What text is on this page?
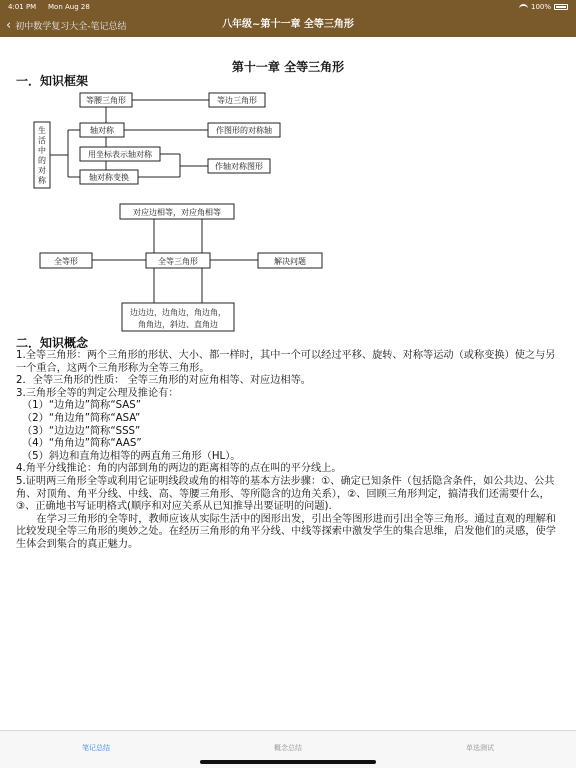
4:01 PM	Mon Aug 28	100%
‹ 初中数学复习大全-笔记总结	八年级~第十一章 全等三角形
第十一章 全等三角形
一．知识框架
生
活
中
的
对
称
等腰三角形	等边三角形
轴对称	作图形的对称轴
用坐标表示轴对称
作轴对称图形
轴对称变换
对应边相等，对应角相等
全等形	全等三角形	解决问题
边边边，边角边，角边角，
角角边，斜边、直角边
二．知识概念

1.全等三角形：两个三角形的形状、大小、都一样时，其中一个可以经过平移、旋转、对称等运动（或称变换）使之与另一个重合，这两个三角形称为全等三角形。

2．全等三角形的性质： 全等三角形的对应角相等、对应边相等。

3.三角形全等的判定公理及推论有：

（1）“边角边”简称“SAS”

（2）“角边角”简称“ASA”

（3）“边边边”简称“SSS”

（4）“角角边”简称“AAS”

（5）斜边和直角边相等的两直角三角形（HL）。

4.角平分线推论：角的内部到角的两边的距离相等的点在叫的平分线上。

5.证明两三角形全等或利用它证明线段或角的相等的基本方法步骤：①、确定已知条件（包括隐含条件，如公共边、公共角、对顶角、角平分线、中线、高、等腰三角形、等所隐含的边角关系），②、回顾三角形判定，搞清我们还需要什么，③、正确地书写证明格式(顺序和对应关系从已知推导出要证明的问题).

在学习三角形的全等时，教师应该从实际生活中的图形出发，引出全等图形进而引出全等三角形。通过直观的理解和比较发现全等三角形的奥妙之处。在经历三角形的角平分线、中线等探索中激发学生的集合思维，启发他们的灵感，使学生体会到集合的真正魅力。

笔记总结	概念总结	单选测试
